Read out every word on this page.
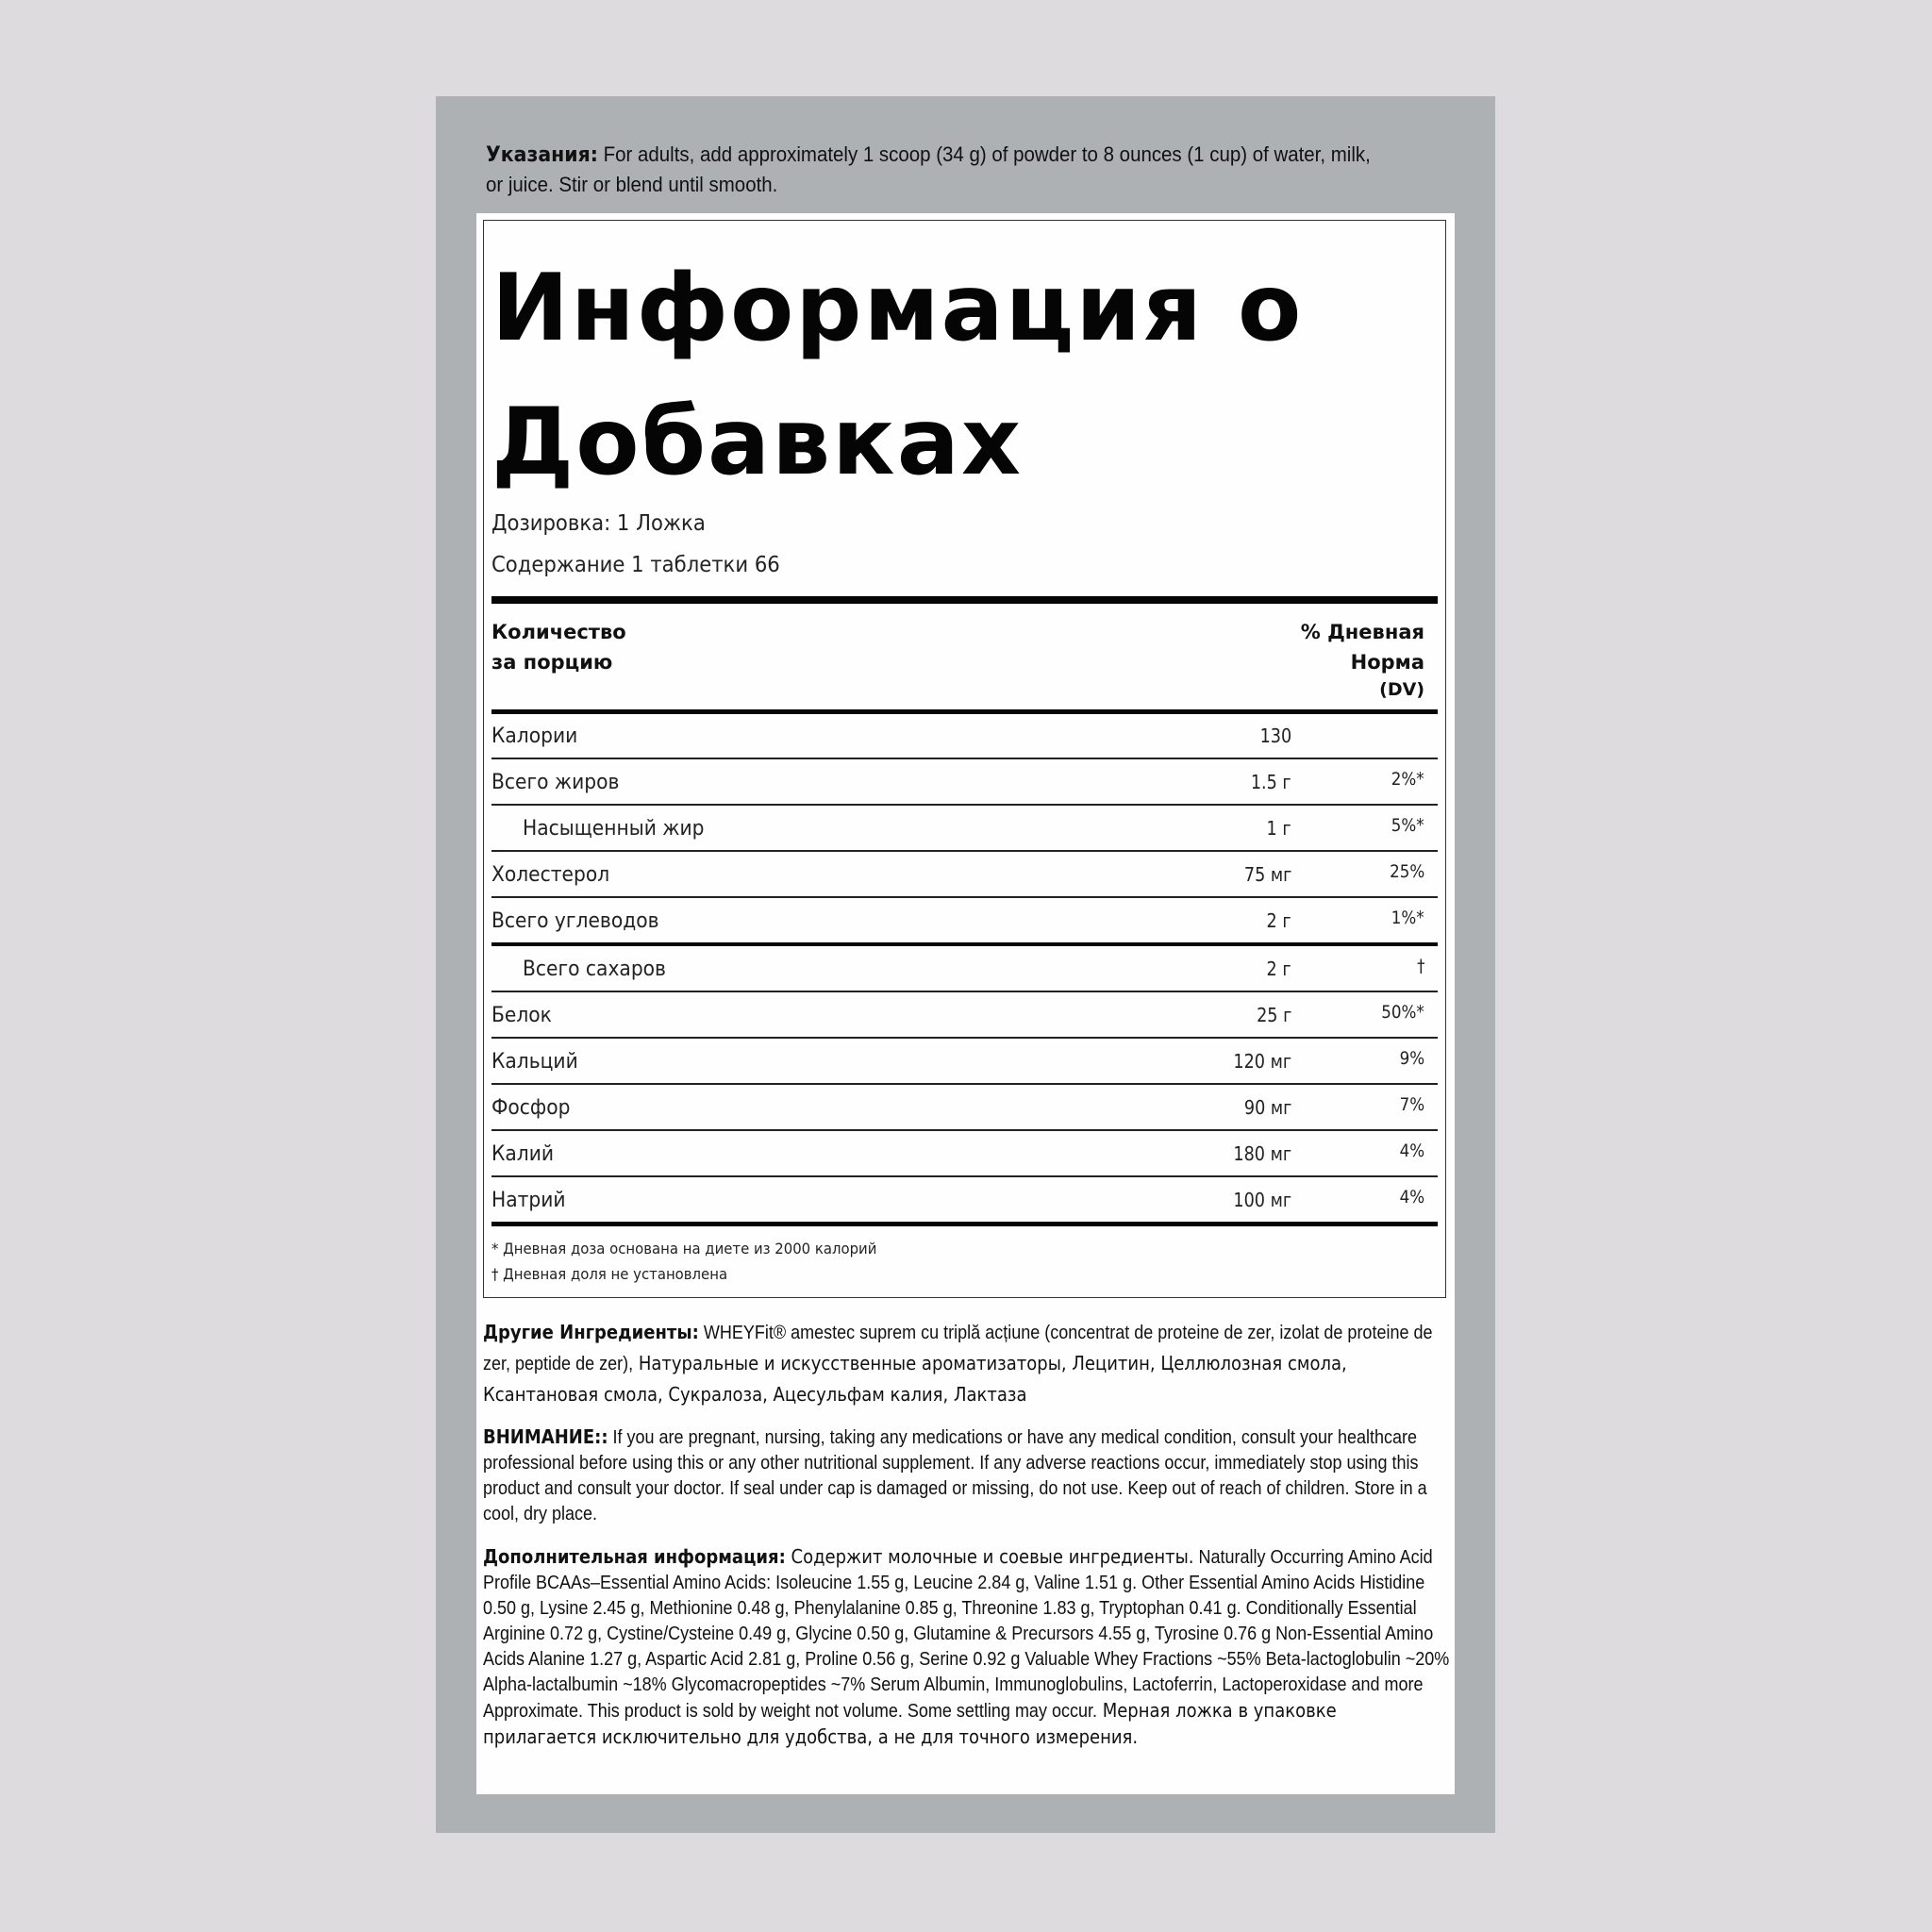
Указания: For adults, add approximately 1 scoop (34 g) of powder to 8 ounces (1 cup) of water, milk, or juice. Stir or blend until smooth.
Информация о
Добавках
Дозировка: 1 Ложка
Содержание 1 таблетки 66
Количество
за порцию
% Дневная
Норма
(DV)
Калории	130
Всего жиров	1.5 г	2%*
Насыщенный жир	1 г	5%*
Холестерол	75 мг	25%
Всего углеводов	2 г	1%*
Всего сахаров	2 г	†
Белок	25 г	50%*
Кальций	120 мг	9%
Фосфор	90 мг	7%
Калий	180 мг	4%
Натрий	100 мг	4%
* Дневная доза основана на диете из 2000 калорий
† Дневная доля не установлена
Другие Ингредиенты: WHEYFit® amestec suprem cu triplă acțiune (concentrat de proteine de zer, izolat de proteine de zer, peptide de zer), Натуральные и искусственные ароматизаторы, Лецитин, Целлюлозная смола, Ксантановая смола, Сукралоза, Ацесульфам калия, Лактаза
ВНИМАНИЕ:: If you are pregnant, nursing, taking any medications or have any medical condition, consult your healthcare professional before using this or any other nutritional supplement. If any adverse reactions occur, immediately stop using this product and consult your doctor. If seal under cap is damaged or missing, do not use. Keep out of reach of children. Store in a cool, dry place.
Дополнительная информация: Содержит молочные и соевые ингредиенты. Naturally Occurring Amino Acid Profile BCAAs–Essential Amino Acids: Isoleucine 1.55 g, Leucine 2.84 g, Valine 1.51 g. Other Essential Amino Acids Histidine 0.50 g, Lysine 2.45 g, Methionine 0.48 g, Phenylalanine 0.85 g, Threonine 1.83 g, Tryptophan 0.41 g. Conditionally Essential Arginine 0.72 g, Cystine/Cysteine 0.49 g, Glycine 0.50 g, Glutamine & Precursors 4.55 g, Tyrosine 0.76 g Non-Essential Amino Acids Alanine 1.27 g, Aspartic Acid 2.81 g, Proline 0.56 g, Serine 0.92 g Valuable Whey Fractions ~55% Beta-lactoglobulin ~20% Alpha-lactalbumin ~18% Glycomacropeptides ~7% Serum Albumin, Immunoglobulins, Lactoferrin, Lactoperoxidase and more Approximate. This product is sold by weight not volume. Some settling may occur. Мерная ложка в упаковке прилагается исключительно для удобства, а не для точного измерения.
